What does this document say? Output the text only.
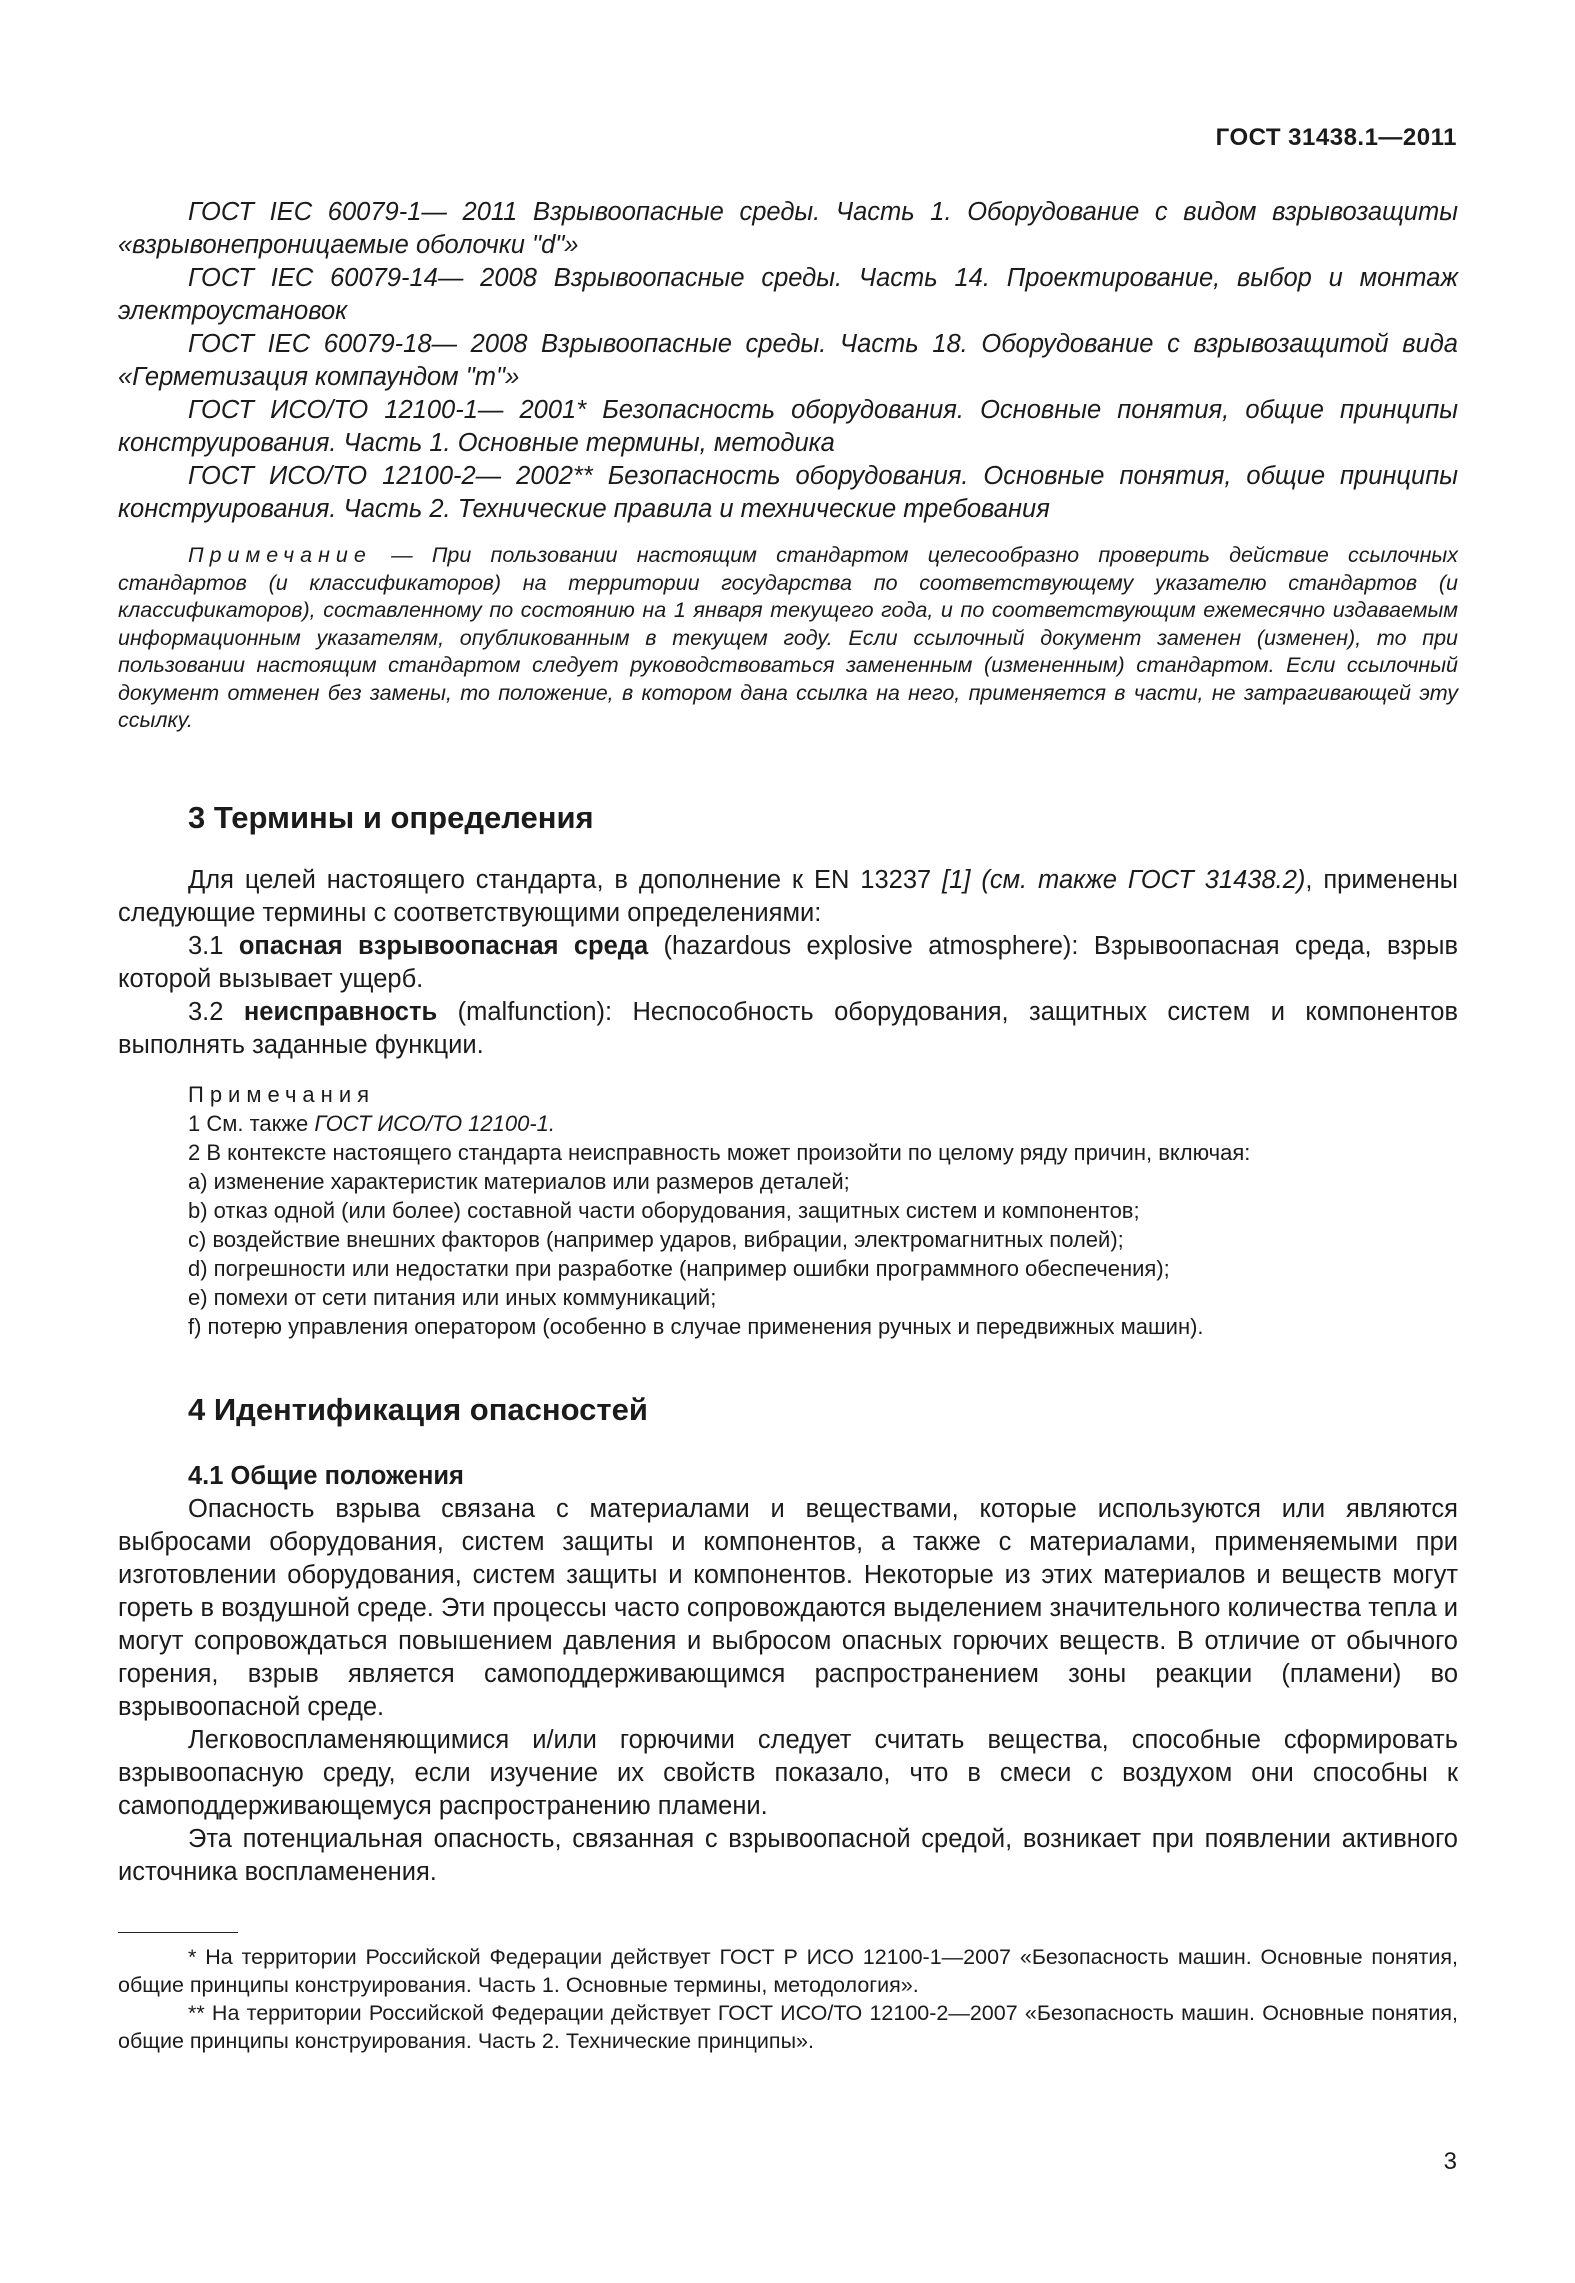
ГОСТ 31438.1—2011

ГОСТ IEC 60079-1— 2011 Взрывоопасные среды. Часть 1. Оборудование с видом взрывозащиты «взрывонепроницаемые оболочки "d"»

ГОСТ IEC 60079-14— 2008 Взрывоопасные среды. Часть 14. Проектирование, выбор и монтаж электроустановок

ГОСТ IEC 60079-18— 2008 Взрывоопасные среды. Часть 18. Оборудование с взрывозащитой вида «Герметизация компаундом "m"»

ГОСТ ИСО/ТО 12100-1— 2001* Безопасность оборудования. Основные понятия, общие принципы конструирования. Часть 1. Основные термины, методика

ГОСТ ИСО/ТО 12100-2— 2002** Безопасность оборудования. Основные понятия, общие принципы конструирования. Часть 2. Технические правила и технические требования

Примечание — При пользовании настоящим стандартом целесообразно проверить действие ссылочных стандартов (и классификаторов) на территории государства по соответствующему указателю стандартов (и классификаторов), составленному по состоянию на 1 января текущего года, и по соответствующим ежемесячно издаваемым информационным указателям, опубликованным в текущем году. Если ссылочный документ заменен (изменен), то при пользовании настоящим стандартом следует руководствоваться замененным (измененным) стандартом. Если ссылочный документ отменен без замены, то положение, в котором дана ссылка на него, применяется в части, не затрагивающей эту ссылку.

3 Термины и определения

Для целей настоящего стандарта, в дополнение к EN 13237 [1] (см. также ГОСТ 31438.2), применены следующие термины с соответствующими определениями:

3.1 опасная взрывоопасная среда (hazardous explosive atmosphere): Взрывоопасная среда, взрыв которой вызывает ущерб.

3.2 неисправность (malfunction): Неспособность оборудования, защитных систем и компонентов выполнять заданные функции.

Примечания
1 См. также ГОСТ ИСО/ТО 12100-1.
2 В контексте настоящего стандарта неисправность может произойти по целому ряду причин, включая:
a) изменение характеристик материалов или размеров деталей;
b) отказ одной (или более) составной части оборудования, защитных систем и компонентов;
c) воздействие внешних факторов (например ударов, вибрации, электромагнитных полей);
d) погрешности или недостатки при разработке (например ошибки программного обеспечения);
e) помехи от сети питания или иных коммуникаций;
f) потерю управления оператором (особенно в случае применения ручных и передвижных машин).
4 Идентификация опасностей
4.1 Общие положения

Опасность взрыва связана с материалами и веществами, которые используются или являются выбросами оборудования, систем защиты и компонентов, а также с материалами, применяемыми при изготовлении оборудования, систем защиты и компонентов. Некоторые из этих материалов и веществ могут гореть в воздушной среде. Эти процессы часто сопровождаются выделением значительного количества тепла и могут сопровождаться повышением давления и выбросом опасных горючих веществ. В отличие от обычного горения, взрыв является самоподдерживающимся распространением зоны реакции (пламени) во взрывоопасной среде.

Легковоспламеняющимися и/или горючими следует считать вещества, способные сформировать взрывоопасную среду, если изучение их свойств показало, что в смеси с воздухом они способны к самоподдерживающемуся распространению пламени.

Эта потенциальная опасность, связанная с взрывоопасной средой, возникает при появлении активного источника воспламенения.

* На территории Российской Федерации действует ГОСТ Р ИСО 12100-1—2007 «Безопасность машин. Основные понятия, общие принципы конструирования. Часть 1. Основные термины, методология».

** На территории Российской Федерации действует ГОСТ ИСО/ТО 12100-2—2007 «Безопасность машин. Основные понятия, общие принципы конструирования. Часть 2. Технические принципы».

3
